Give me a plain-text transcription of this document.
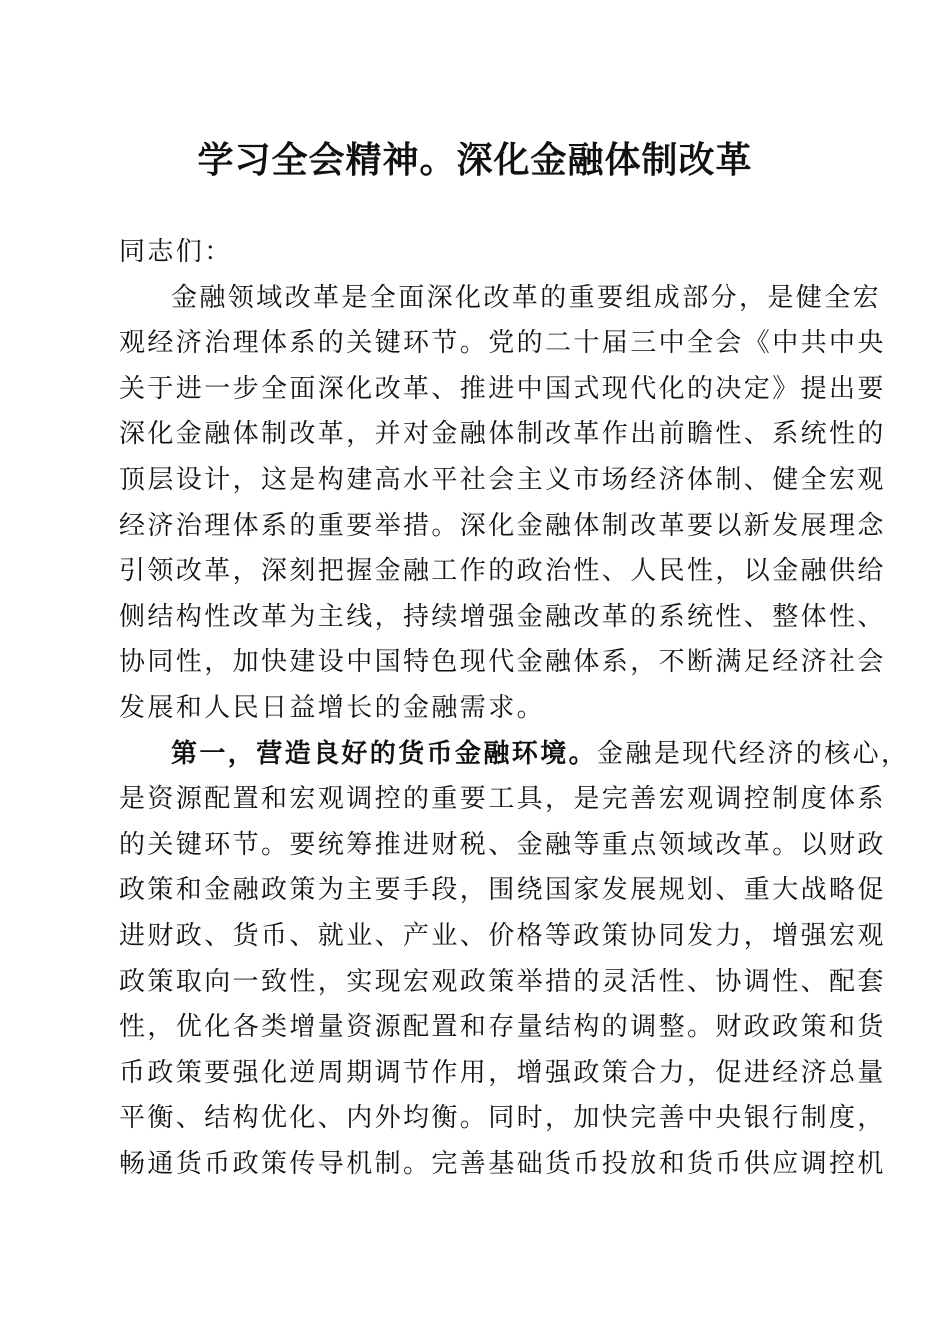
学习全会精神。深化金融体制改革
同志们：
金融领域改革是全面深化改革的重要组成部分，是健全宏
观经济治理体系的关键环节。党的二十届三中全会《中共中央
关于进一步全面深化改革、推进中国式现代化的决定》提出要
深化金融体制改革，并对金融体制改革作出前瞻性、系统性的
顶层设计，这是构建高水平社会主义市场经济体制、健全宏观
经济治理体系的重要举措。深化金融体制改革要以新发展理念
引领改革，深刻把握金融工作的政治性、人民性，以金融供给
侧结构性改革为主线，持续增强金融改革的系统性、整体性、
协同性，加快建设中国特色现代金融体系，不断满足经济社会
发展和人民日益增长的金融需求。
第一，营造良好的货币金融环境。金融是现代经济的核心，
是资源配置和宏观调控的重要工具，是完善宏观调控制度体系
的关键环节。要统筹推进财税、金融等重点领域改革。以财政
政策和金融政策为主要手段，围绕国家发展规划、重大战略促
进财政、货币、就业、产业、价格等政策协同发力，增强宏观
政策取向一致性，实现宏观政策举措的灵活性、协调性、配套
性，优化各类增量资源配置和存量结构的调整。财政政策和货
币政策要强化逆周期调节作用，增强政策合力，促进经济总量
平衡、结构优化、内外均衡。同时，加快完善中央银行制度，
畅通货币政策传导机制。完善基础货币投放和货币供应调控机
